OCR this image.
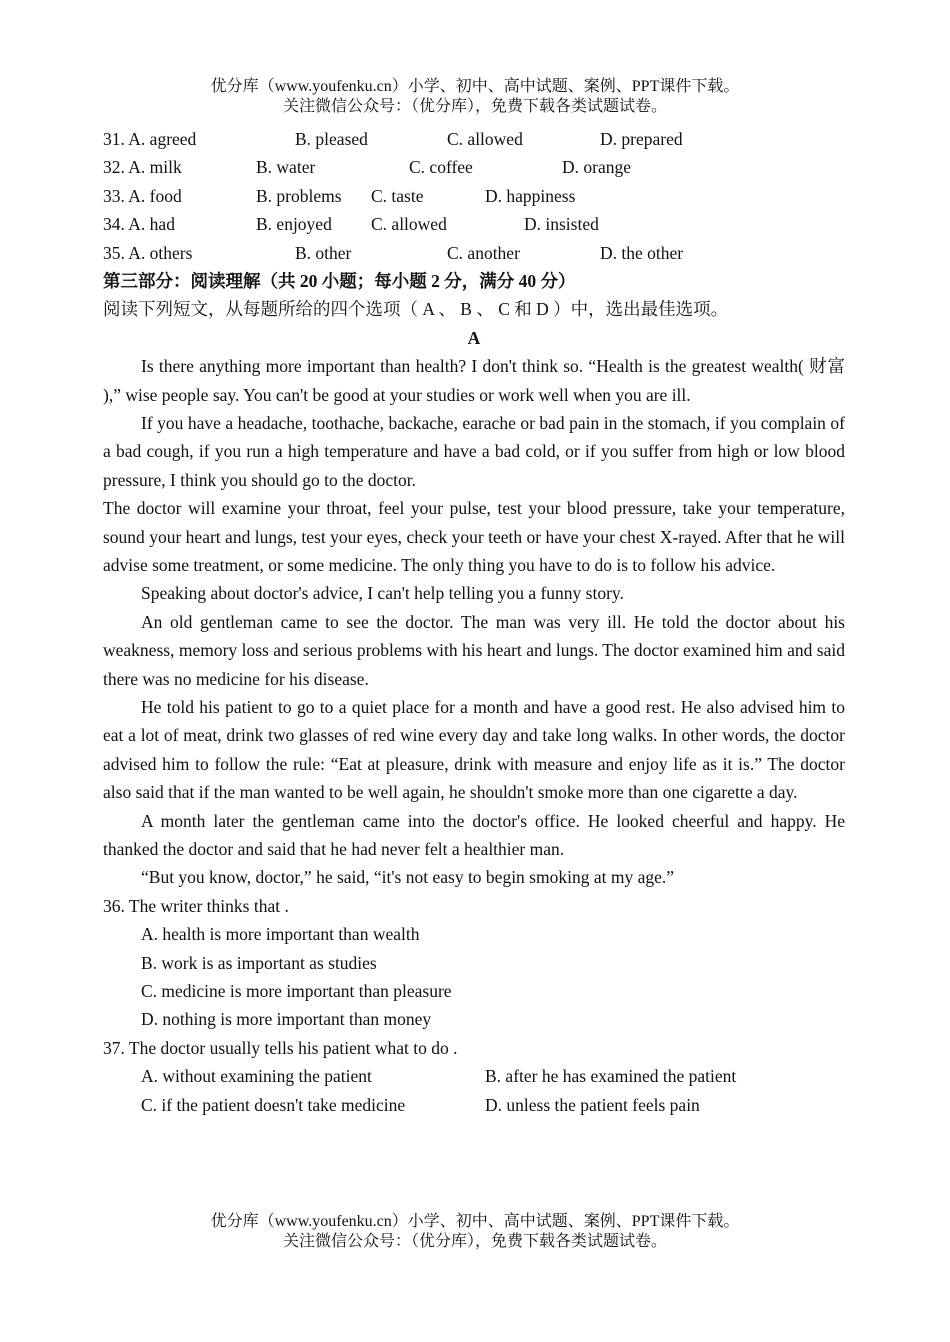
优分库（www.youfenku.cn）小学、初中、高中试题、案例、PPT课件下载。
关注微信公众号：（优分库），免费下载各类试题试卷。
31. A. agreed	B. pleased	C. allowed	D. prepared
32. A. milk	B. water	C. coffee	D. orange
33. A. food	B. problems C. taste	D. happiness
34. A. had	B. enjoyed C. allowed	D. insisted
35. A. others	B. other	C. another	D. the other
第三部分：阅读理解（共 20 小题；每小题 2 分，满分 40 分）
阅读下列短文，从每题所给的四个选项（ A 、 B 、 C 和 D ）中，选出最佳选项。
A

Is there anything more important than health? I don't think so. “Health is the greatest wealth( 财富 ),” wise people say. You can't be good at your studies or work well when you are ill.

If you have a headache, toothache, backache, earache or bad pain in the stomach, if you complain of a bad cough, if you run a high temperature and have a bad cold, or if you suffer from high or low blood pressure, I think you should go to the doctor.

The doctor will examine your throat, feel your pulse, test your blood pressure, take your temperature, sound your heart and lungs, test your eyes, check your teeth or have your chest X-rayed. After that he will advise some treatment, or some medicine. The only thing you have to do is to follow his advice.

Speaking about doctor's advice, I can't help telling you a funny story.

An old gentleman came to see the doctor. The man was very ill. He told the doctor about his weakness, memory loss and serious problems with his heart and lungs. The doctor examined him and said there was no medicine for his disease.

He told his patient to go to a quiet place for a month and have a good rest. He also advised him to eat a lot of meat, drink two glasses of red wine every day and take long walks. In other words, the doctor advised him to follow the rule: “Eat at pleasure, drink with measure and enjoy life as it is.” The doctor also said that if the man wanted to be well again, he shouldn't smoke more than one cigarette a day.

A month later the gentleman came into the doctor's office. He looked cheerful and happy. He thanked the doctor and said that he had never felt a healthier man.

“But you know, doctor,” he said, “it's not easy to begin smoking at my age.”

36. The writer thinks that .
A. health is more important than wealth
B. work is as important as studies
C. medicine is more important than pleasure
D. nothing is more important than money
37. The doctor usually tells his patient what to do .
A. without examining the patient	B. after he has examined the patient
C. if the patient doesn't take medicine	D. unless the patient feels pain
优分库（www.youfenku.cn）小学、初中、高中试题、案例、PPT课件下载。
关注微信公众号：（优分库），免费下载各类试题试卷。
